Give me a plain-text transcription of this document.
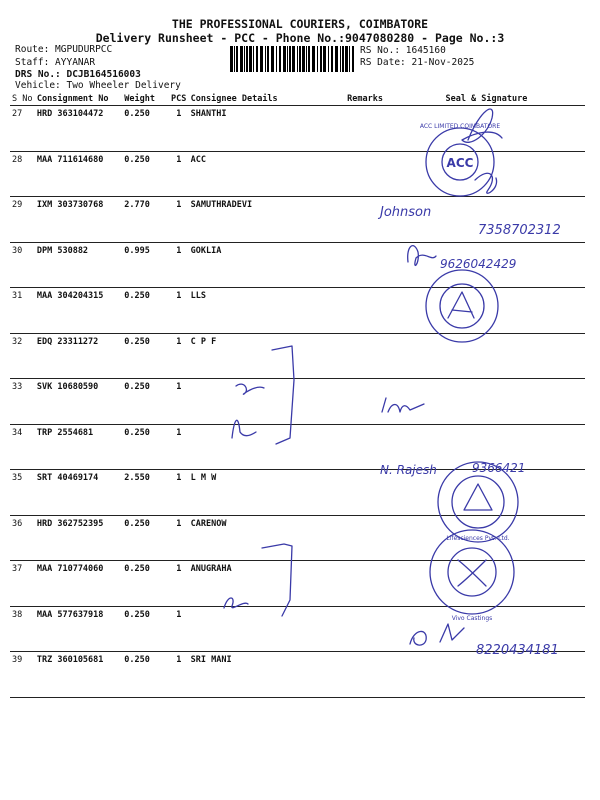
THE PROFESSIONAL COURIERS, COIMBATORE
Delivery Runsheet - PCC - Phone No.:9047080280 - Page No.:3
Route: MGPUDURPCC
Staff: AYYANAR
DRS No.: DCJB164516003
Vehicle: Two Wheeler Delivery
RS No.: 1645160
RS Date: 21-Nov-2025
S No	Consignment No	Weight	PCS	Consignee Details	Remarks	Seal & Signature
27	HRD 363104472	0.250	1	SHANTHI		
28	MAA 711614680	0.250	1	ACC		
29	IXM 303730768	2.770	1	SAMUTHRADEVI		
30	DPM 530882	0.995	1	GOKLIA		
31	MAA 304204315	0.250	1	LLS		
32	EDQ 23311272	0.250	1	C P F		
33	SVK 10680590	0.250	1			
34	TRP 2554681	0.250	1			
35	SRT 40469174	2.550	1	L M W		
36	HRD 362752395	0.250	1	CARENOW		
37	MAA 710774060	0.250	1	ANUGRAHA		
38	MAA 577637918	0.250	1			
39	TRZ 360105681	0.250	1	SRI MANI		
ACC
ACC LIMITED COIMBATORE
Lifesciences Pvt. Ltd.
Vivo Castings
Johnson
7358702312
9626042429
N. Rajesh	9366421
8220434181
